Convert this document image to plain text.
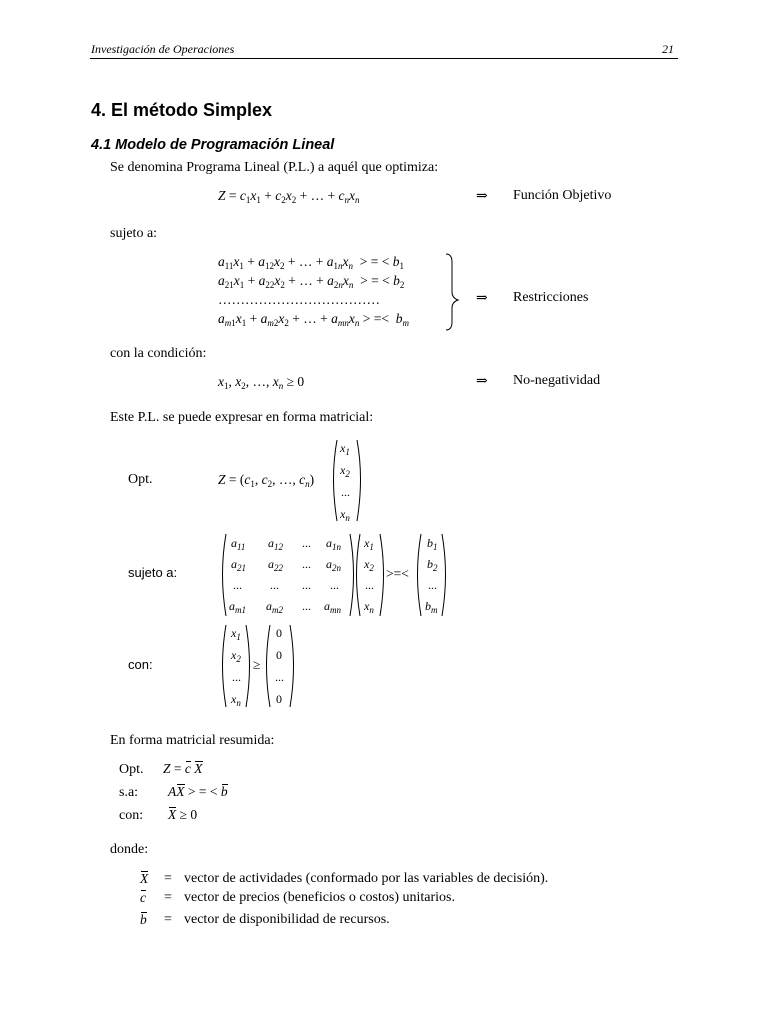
Investigación de Operaciones	21
4. El método Simplex
4.1 Modelo de Programación Lineal
Se denomina Programa Lineal (P.L.) a aquél que optimiza:
$Z = c_1x_1 + c_2x_2$ + … + $c_nx_n$	⇒ Función Objetivo
sujeto a:
$a_{11}x_1 + a_{12}x_2$ + … + $a_{1n}x_n$  > = < $b_1$
$a_{21}x_1 + a_{22}x_2$ + … + $a_{2n}x_n$  > = < $b_2$
………………………………
$a_{m1}x_1 + a_{m2}x_2$ + … + $a_{mn}x_n$ > =<  $b_m$
⇒ Restricciones
con la condición:
$x_1$, $x_2$, …, $x_n \ge 0$	⇒ No-negatividad
Este P.L. se puede expresar en forma matricial:
Opt.	$Z = (c_1$, $c_2$, …, $c_n$)
$x_1$
$x_2$
...
$x_n$
sujeto a:
$a_{11}$ $a_{12}$ ... $a_{1n}$
$a_{21}$ $a_{22}$ ... $a_{2n}$
... ... ... ...
$a_{m1}$ $a_{m2}$ ... $a_{mn}$
$x_1$
$x_2$
...
$x_n$
>=<
$b_1$
$b_2$
...
$b_m$
con:
$x_1$
$x_2$
...
$x_n$
≥
0
0
...
0
En forma matricial resumida:
Opt. Z = c X
s.a: AX > = < b
con: X ≥ 0
donde:
X = vector de actividades (conformado por las variables de decisión).
c = vector de precios (beneficios o costos) unitarios.
b = vector de disponibilidad de recursos.
